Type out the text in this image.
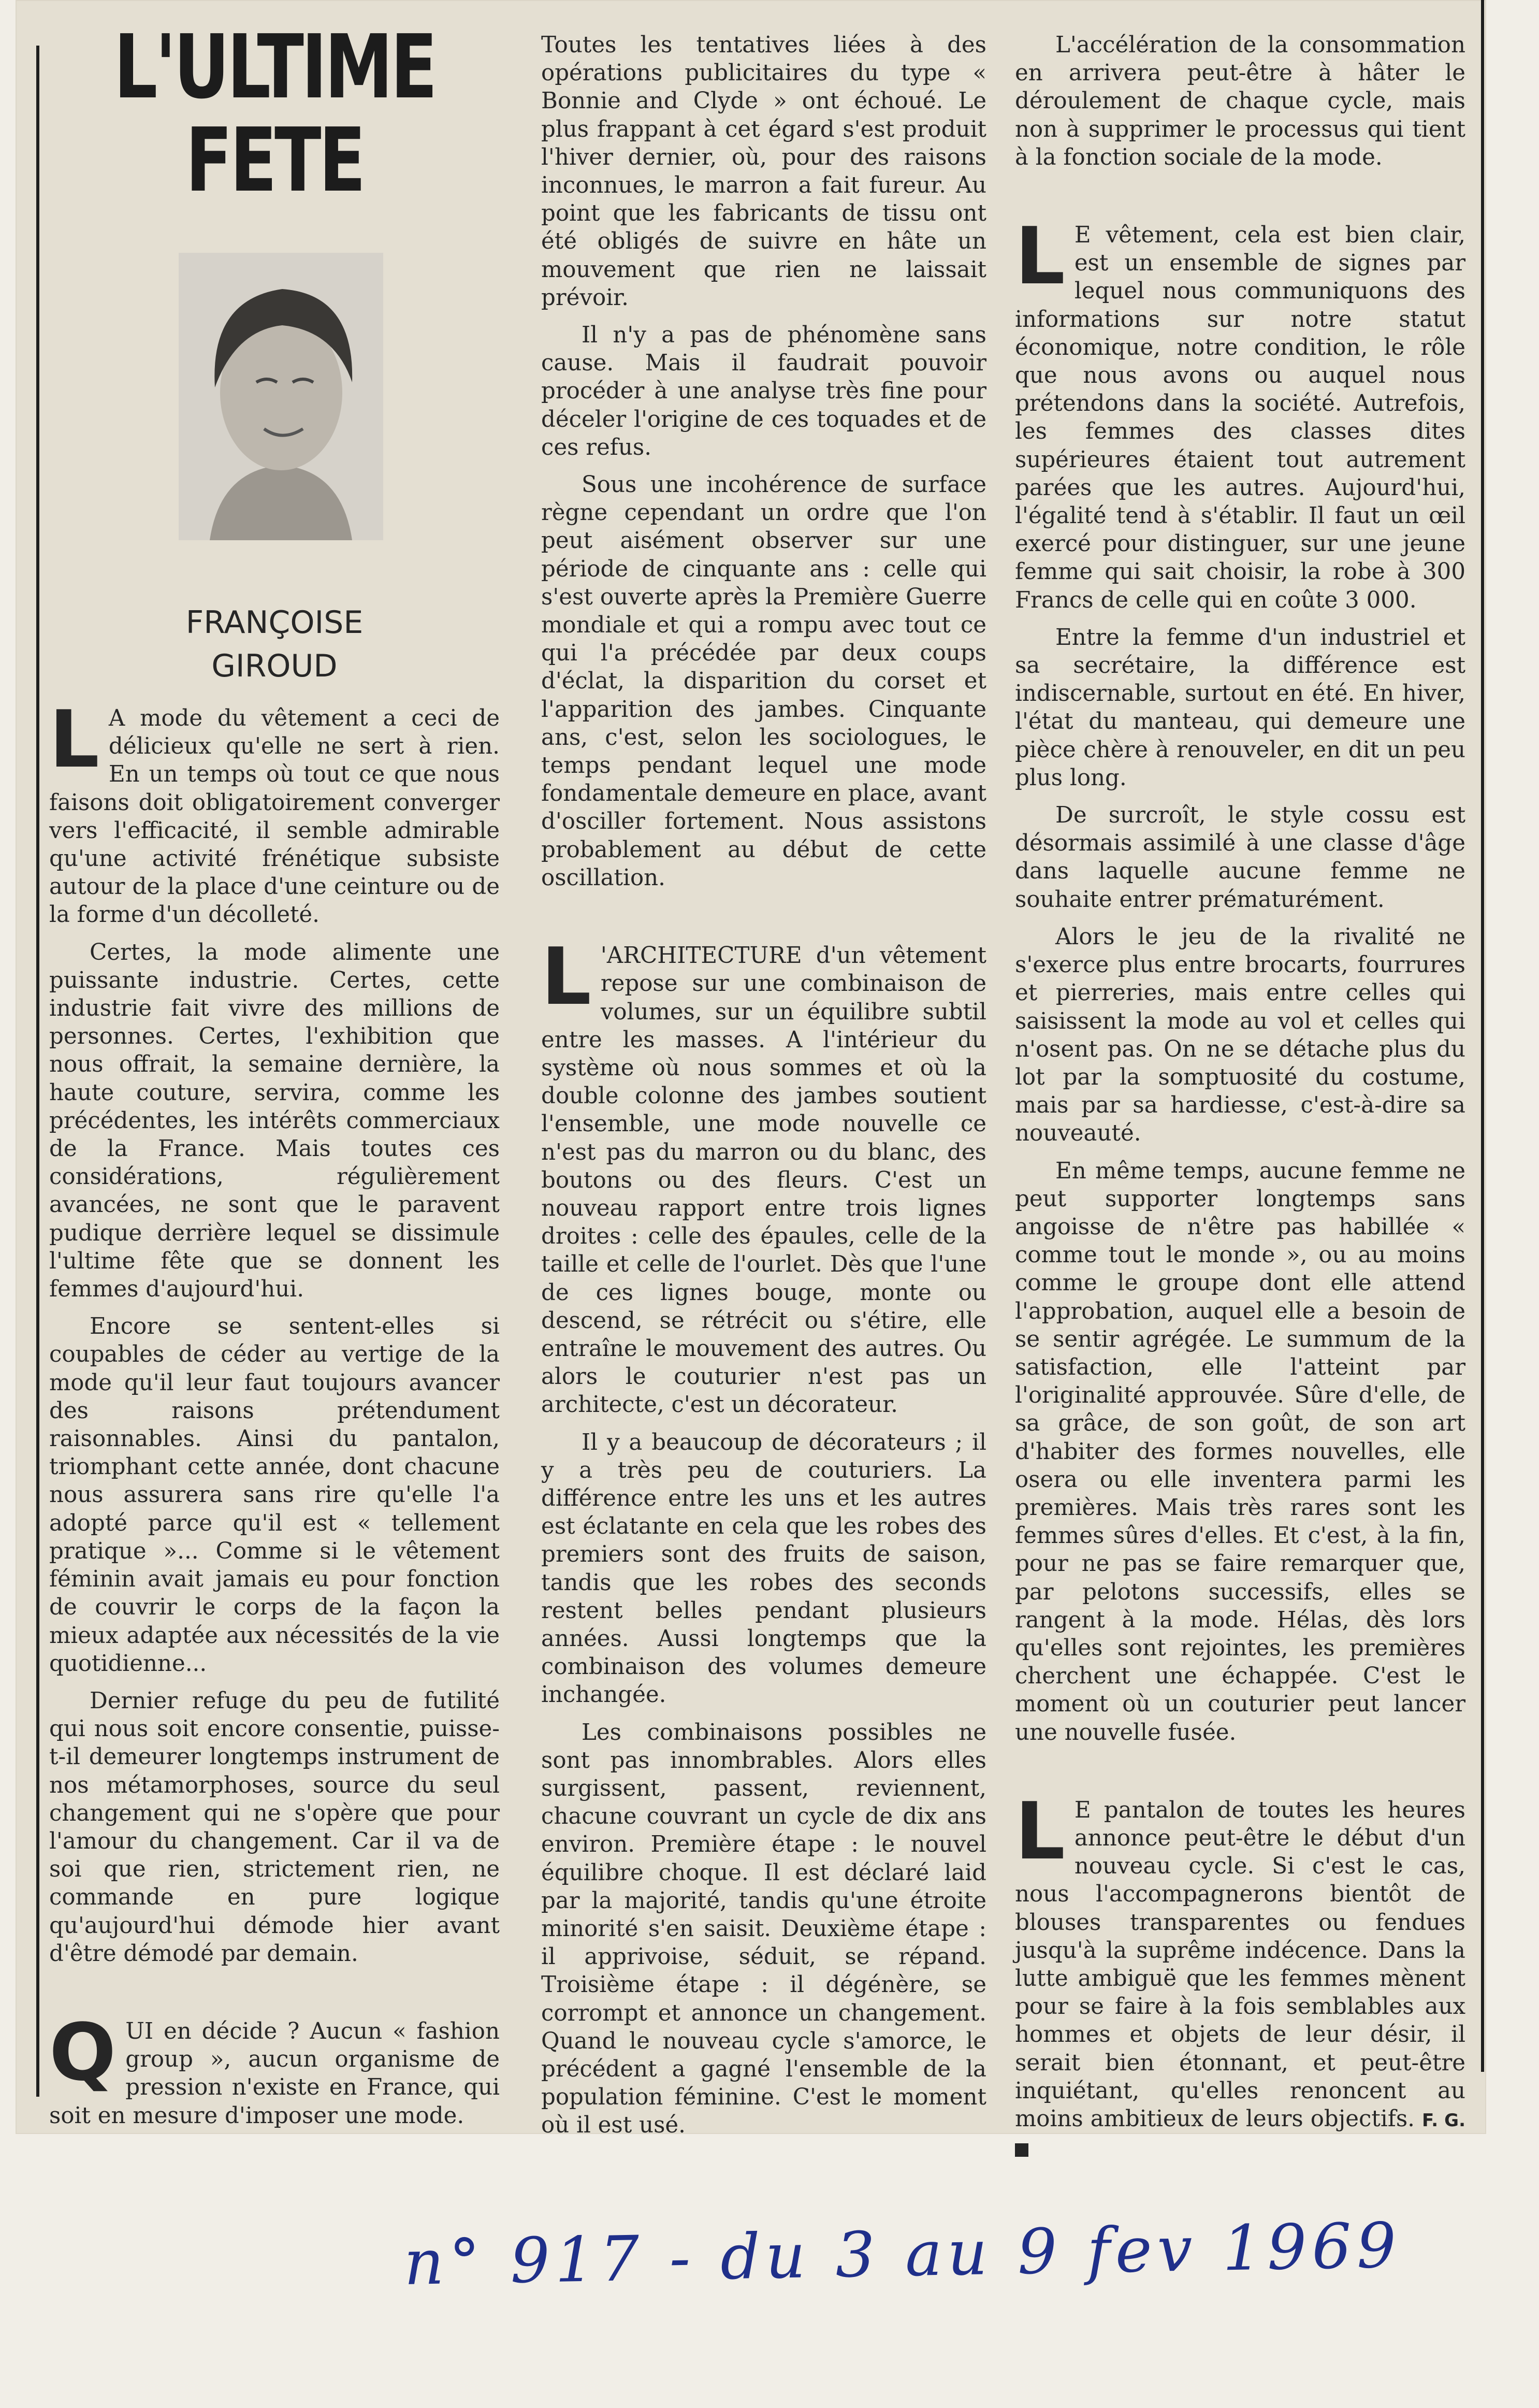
L'ULTIME FETE
FRANÇOISE
GIROUD

LA mode du vêtement a ceci de délicieux qu'elle ne sert à rien. En un temps où tout ce que nous faisons doit obligatoirement converger vers l'efficacité, il semble admirable qu'une activité frénétique subsiste autour de la place d'une ceinture ou de la forme d'un décolleté.

Certes, la mode alimente une puissante industrie. Certes, cette industrie fait vivre des millions de personnes. Certes, l'exhibition que nous offrait, la semaine dernière, la haute couture, servira, comme les précédentes, les intérêts commerciaux de la France. Mais toutes ces considérations, régulièrement avancées, ne sont que le paravent pudique derrière lequel se dissimule l'ultime fête que se donnent les femmes d'aujourd'hui.

Encore se sentent-elles si coupables de céder au vertige de la mode qu'il leur faut toujours avancer des raisons prétendument raisonnables. Ainsi du pantalon, triomphant cette année, dont chacune nous assurera sans rire qu'elle l'a adopté parce qu'il est « tellement pratique »... Comme si le vêtement féminin avait jamais eu pour fonction de couvrir le corps de la façon la mieux adaptée aux nécessités de la vie quotidienne...

Dernier refuge du peu de futilité qui nous soit encore consentie, puisse-t-il demeurer longtemps instrument de nos métamorphoses, source du seul changement qui ne s'opère que pour l'amour du changement. Car il va de soi que rien, strictement rien, ne commande en pure logique qu'aujourd'hui démode hier avant d'être démodé par demain.

QUI en décide ? Aucun « fashion group », aucun organisme de pression n'existe en France, qui soit en mesure d'imposer une mode.

Toutes les tentatives liées à des opérations publicitaires du type « Bonnie and Clyde » ont échoué. Le plus frappant à cet égard s'est produit l'hiver dernier, où, pour des raisons inconnues, le marron a fait fureur. Au point que les fabricants de tissu ont été obligés de suivre en hâte un mouvement que rien ne laissait prévoir.

Il n'y a pas de phénomène sans cause. Mais il faudrait pouvoir procéder à une analyse très fine pour déceler l'origine de ces toquades et de ces refus.

Sous une incohérence de surface règne cependant un ordre que l'on peut aisément observer sur une période de cinquante ans : celle qui s'est ouverte après la Première Guerre mondiale et qui a rompu avec tout ce qui l'a précédée par deux coups d'éclat, la disparition du corset et l'apparition des jambes. Cinquante ans, c'est, selon les sociologues, le temps pendant lequel une mode fondamentale demeure en place, avant d'osciller fortement. Nous assistons probablement au début de cette oscillation.

L 'ARCHITECTURE d'un vêtement repose sur une combinaison de volumes, sur un équilibre subtil entre les masses. A l'intérieur du système où nous sommes et où la double colonne des jambes soutient l'ensemble, une mode nouvelle ce n'est pas du marron ou du blanc, des boutons ou des fleurs. C'est un nouveau rapport entre trois lignes droites : celle des épaules, celle de la taille et celle de l'ourlet. Dès que l'une de ces lignes bouge, monte ou descend, se rétrécit ou s'étire, elle entraîne le mouvement des autres. Ou alors le couturier n'est pas un architecte, c'est un décorateur.

Il y a beaucoup de décorateurs ; il y a très peu de couturiers. La différence entre les uns et les autres est éclatante en cela que les robes des premiers sont des fruits de saison, tandis que les robes des seconds restent belles pendant plusieurs années. Aussi longtemps que la combinaison des volumes demeure inchangée.

Les combinaisons possibles ne sont pas innombrables. Alors elles surgissent, passent, reviennent, chacune couvrant un cycle de dix ans environ. Première étape : le nouvel équilibre choque. Il est déclaré laid par la majorité, tandis qu'une étroite minorité s'en saisit. Deuxième étape : il apprivoise, séduit, se répand. Troisième étape : il dégénère, se corrompt et annonce un changement. Quand le nouveau cycle s'amorce, le précédent a gagné l'ensemble de la population féminine. C'est le moment où il est usé.

L'accélération de la consommation en arrivera peut-être à hâter le déroulement de chaque cycle, mais non à supprimer le processus qui tient à la fonction sociale de la mode.

LE vêtement, cela est bien clair, est un ensemble de signes par lequel nous communiquons des informations sur notre statut économique, notre condition, le rôle que nous avons ou auquel nous prétendons dans la société. Autrefois, les femmes des classes dites supérieures étaient tout autrement parées que les autres. Aujourd'hui, l'égalité tend à s'établir. Il faut un œil exercé pour distinguer, sur une jeune femme qui sait choisir, la robe à 300 Francs de celle qui en coûte 3 000.

Entre la femme d'un industriel et sa secrétaire, la différence est indiscernable, surtout en été. En hiver, l'état du manteau, qui demeure une pièce chère à renouveler, en dit un peu plus long.

De surcroît, le style cossu est désormais assimilé à une classe d'âge dans laquelle aucune femme ne souhaite entrer prématurément.

Alors le jeu de la rivalité ne s'exerce plus entre brocarts, fourrures et pierreries, mais entre celles qui saisissent la mode au vol et celles qui n'osent pas. On ne se détache plus du lot par la somptuosité du costume, mais par sa hardiesse, c'est-à-dire sa nouveauté.

En même temps, aucune femme ne peut supporter longtemps sans angoisse de n'être pas habillée « comme tout le monde », ou au moins comme le groupe dont elle attend l'approbation, auquel elle a besoin de se sentir agrégée. Le summum de la satisfaction, elle l'atteint par l'originalité approuvée. Sûre d'elle, de sa grâce, de son goût, de son art d'habiter des formes nouvelles, elle osera ou elle inventera parmi les premières. Mais très rares sont les femmes sûres d'elles. Et c'est, à la fin, pour ne pas se faire remarquer que, par pelotons successifs, elles se rangent à la mode. Hélas, dès lors qu'elles sont rejointes, les premières cherchent une échappée. C'est le moment où un couturier peut lancer une nouvelle fusée.

LE pantalon de toutes les heures annonce peut-être le début d'un nouveau cycle. Si c'est le cas, nous l'accompagnerons bientôt de blouses transparentes ou fendues jusqu'à la suprême indécence. Dans la lutte ambiguë que les femmes mènent pour se faire à la fois semblables aux hommes et objets de leur désir, il serait bien étonnant, et peut-être inquiétant, qu'elles renoncent au moins ambitieux de leurs objectifs. F. G.

n° 917 - du 3 au 9 fev 1969
